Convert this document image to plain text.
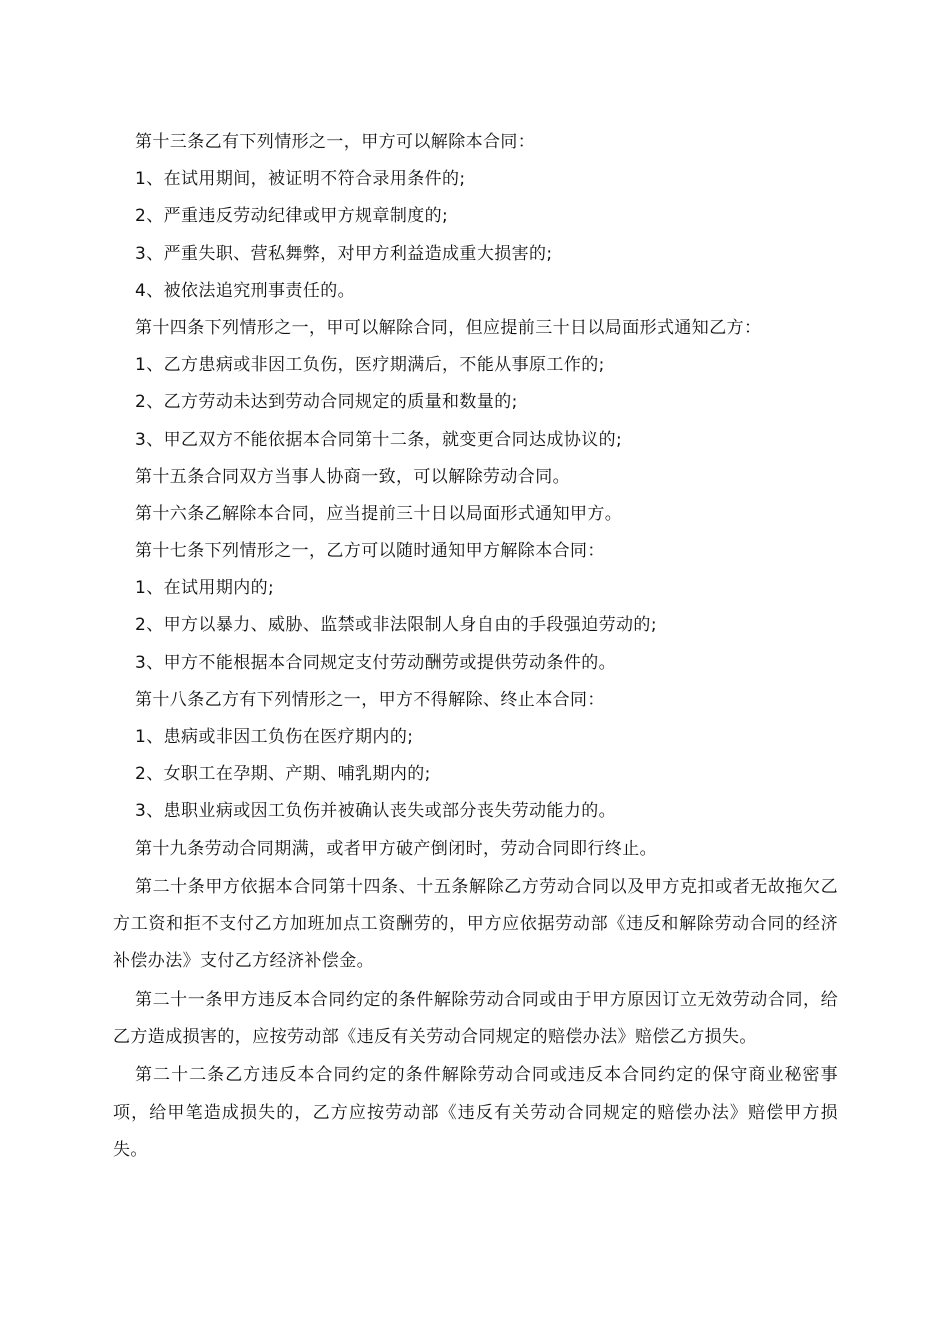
第十三条乙有下列情形之一，甲方可以解除本合同：
1、在试用期间，被证明不符合录用条件的;
2、严重违反劳动纪律或甲方规章制度的;
3、严重失职、营私舞弊，对甲方利益造成重大损害的;
4、被依法追究刑事责任的。
第十四条下列情形之一，甲可以解除合同，但应提前三十日以局面形式通知乙方：
1、乙方患病或非因工负伤，医疗期满后，不能从事原工作的;
2、乙方劳动未达到劳动合同规定的质量和数量的;
3、甲乙双方不能依据本合同第十二条，就变更合同达成协议的;
第十五条合同双方当事人协商一致，可以解除劳动合同。
第十六条乙解除本合同，应当提前三十日以局面形式通知甲方。
第十七条下列情形之一，乙方可以随时通知甲方解除本合同：
1、在试用期内的;
2、甲方以暴力、威胁、监禁或非法限制人身自由的手段强迫劳动的;
3、甲方不能根据本合同规定支付劳动酬劳或提供劳动条件的。
第十八条乙方有下列情形之一，甲方不得解除、终止本合同：
1、患病或非因工负伤在医疗期内的;
2、女职工在孕期、产期、哺乳期内的;
3、患职业病或因工负伤并被确认丧失或部分丧失劳动能力的。
第十九条劳动合同期满，或者甲方破产倒闭时，劳动合同即行终止。
第二十条甲方依据本合同第十四条、十五条解除乙方劳动合同以及甲方克扣或者无故拖欠乙方工资和拒不支付乙方加班加点工资酬劳的，甲方应依据劳动部《违反和解除劳动合同的经济补偿办法》支付乙方经济补偿金。
第二十一条甲方违反本合同约定的条件解除劳动合同或由于甲方原因订立无效劳动合同，给乙方造成损害的，应按劳动部《违反有关劳动合同规定的赔偿办法》赔偿乙方损失。
第二十二条乙方违反本合同约定的条件解除劳动合同或违反本合同约定的保守商业秘密事项，给甲笔造成损失的，乙方应按劳动部《违反有关劳动合同规定的赔偿办法》赔偿甲方损失。
